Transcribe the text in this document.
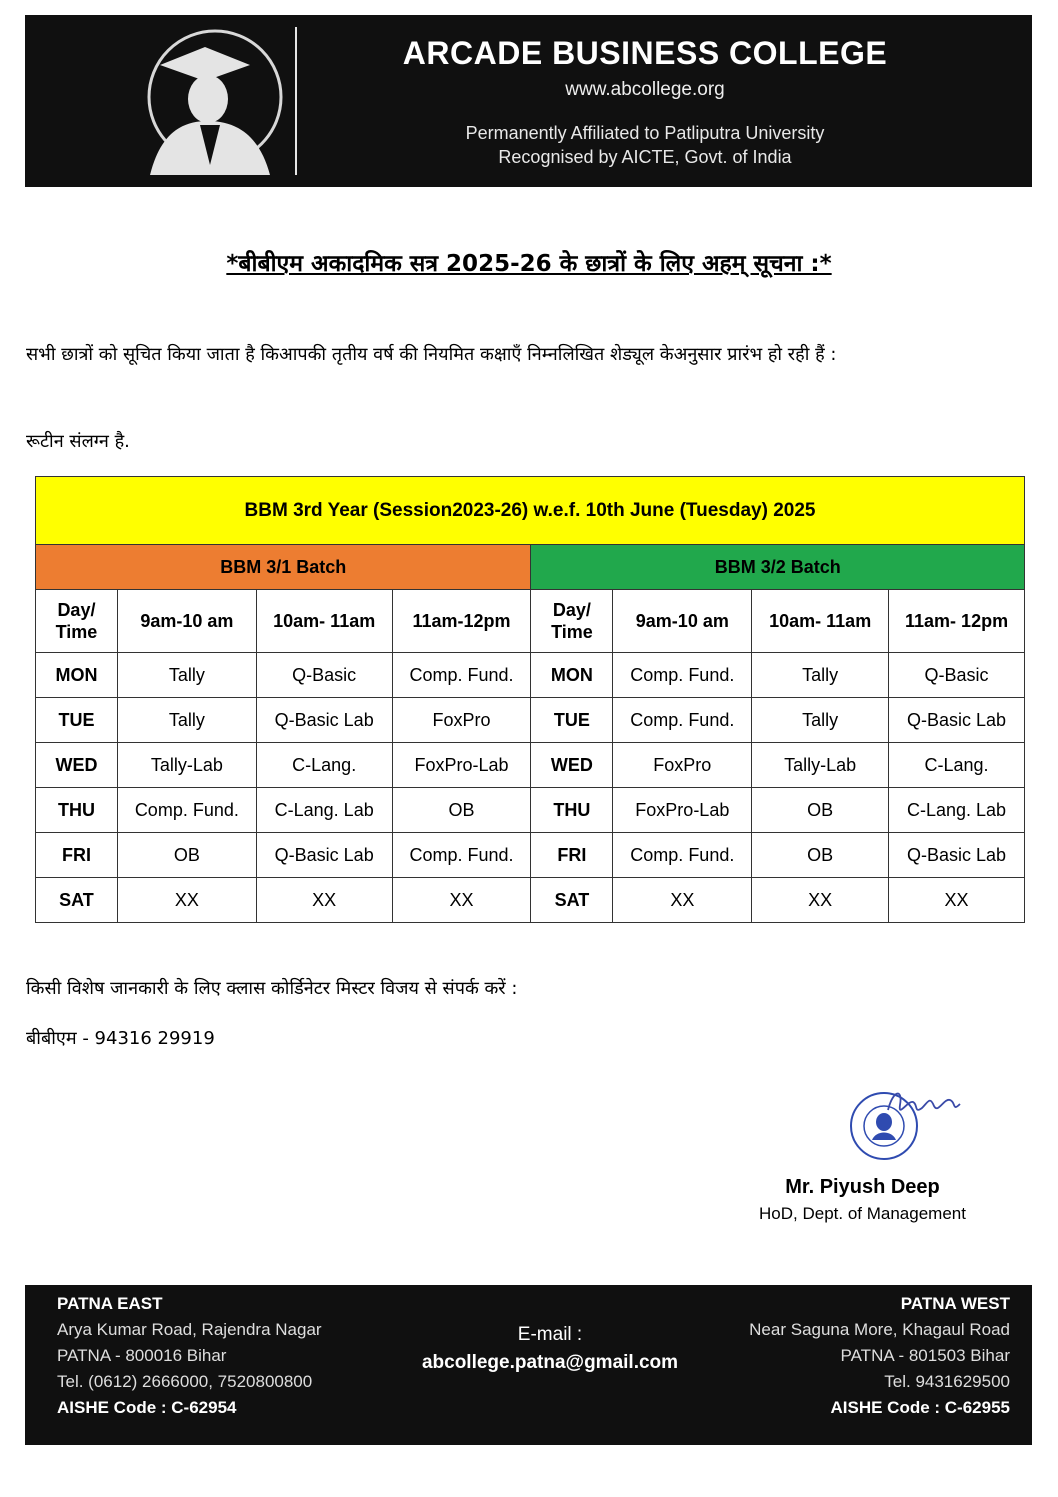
ARCADE BUSINESS COLLEGE
www.abcollege.org
Permanently Affiliated to Patliputra University
Recognised by AICTE, Govt. of India
*बीबीएम अकादमिक सत्र 2025-26 के छात्रों के लिए अहम् सूचना :*
सभी छात्रों को सूचित किया जाता है किआपकी तृतीय वर्ष की नियमित कक्षाएँ निम्नलिखित शेड्यूल केअनुसार प्रारंभ हो रही हैं :
रूटीन संलग्न है.
BBM 3rd Year (Session2023-26) w.e.f. 10th June (Tuesday) 2025							
BBM 3/1 Batch				BBM 3/2 Batch			
Day/ Time	9am-10 am	10am- 11am	11am-12pm	Day/ Time	9am-10 am	10am- 11am	11am- 12pm
MON	Tally	Q-Basic	Comp. Fund.	MON	Comp. Fund.	Tally	Q-Basic
TUE	Tally	Q-Basic Lab	FoxPro	TUE	Comp. Fund.	Tally	Q-Basic Lab
WED	Tally-Lab	C-Lang.	FoxPro-Lab	WED	FoxPro	Tally-Lab	C-Lang.
THU	Comp. Fund.	C-Lang. Lab	OB	THU	FoxPro-Lab	OB	C-Lang. Lab
FRI	OB	Q-Basic Lab	Comp. Fund.	FRI	Comp. Fund.	OB	Q-Basic Lab
SAT	XX	XX	XX	SAT	XX	XX	XX
किसी विशेष जानकारी के लिए क्लास कोर्डिनेटर मिस्टर विजय से संपर्क करें :
बीबीएम - 94316 29919
Mr. Piyush Deep
HoD, Dept. of Management
PATNA EAST
Arya Kumar Road, Rajendra Nagar
PATNA - 800016 Bihar
Tel. (0612) 2666000, 7520800800
AISHE Code : C-62954
E-mail :
abcollege.patna@gmail.com
PATNA WEST
Near Saguna More, Khagaul Road
PATNA - 801503 Bihar
Tel. 9431629500
AISHE Code : C-62955
